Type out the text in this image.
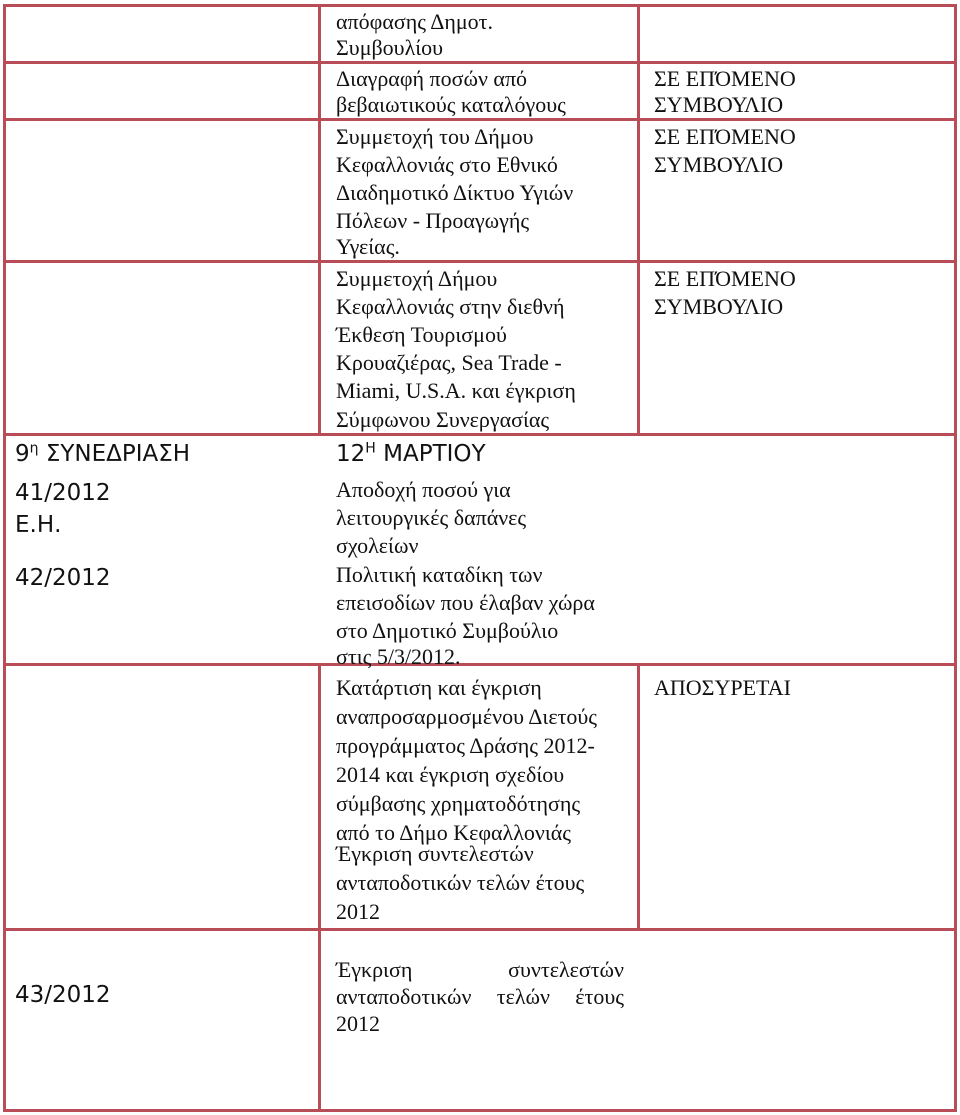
απόφασης Δημοτ.
Συμβουλίου
Διαγραφή ποσών από
βεβαιωτικούς καταλόγους
ΣΕ ΕΠΌΜΕΝΟ
ΣΥΜΒΟΥΛΙΟ
Συμμετοχή του Δήμου
Κεφαλλονιάς στο Εθνικό
Διαδημοτικό Δίκτυο Υγιών
Πόλεων - Προαγωγής
Υγείας.
ΣΕ ΕΠΌΜΕΝΟ
ΣΥΜΒΟΥΛΙΟ
Συμμετοχή Δήμου
Κεφαλλονιάς στην διεθνή
Έκθεση Τουρισμού
Κρουαζιέρας, Sea Trade -
Miami, U.S.A. και έγκριση
Σύμφωνου Συνεργασίας
ΣΕ ΕΠΌΜΕΝΟ
ΣΥΜΒΟΥΛΙΟ
$9^\eta$ ΣΥΝΕΔΡΙΑΣΗ	$12^H$ ΜΑΡΤΙΟΥ
41/2012
Ε.Η.
Αποδοχή ποσού για
λειτουργικές δαπάνες
σχολείων
42/2012	Πολιτική καταδίκη των
επεισοδίων που έλαβαν χώρα
στο Δημοτικό Συμβούλιο
στις 5/3/2012.
Κατάρτιση και έγκριση
αναπροσαρμοσμένου Διετούς
προγράμματος Δράσης 2012-
2014 και έγκριση σχεδίου
σύμβασης χρηματοδότησης
από το Δήμο Κεφαλλονιάς
Έγκριση συντελεστών
ανταποδοτικών τελών έτους
2012
ΑΠΟΣΥΡΕΤΑΙ
43/2012
Έγκριση συντελεστών
ανταποδοτικών τελών έτους
2012
